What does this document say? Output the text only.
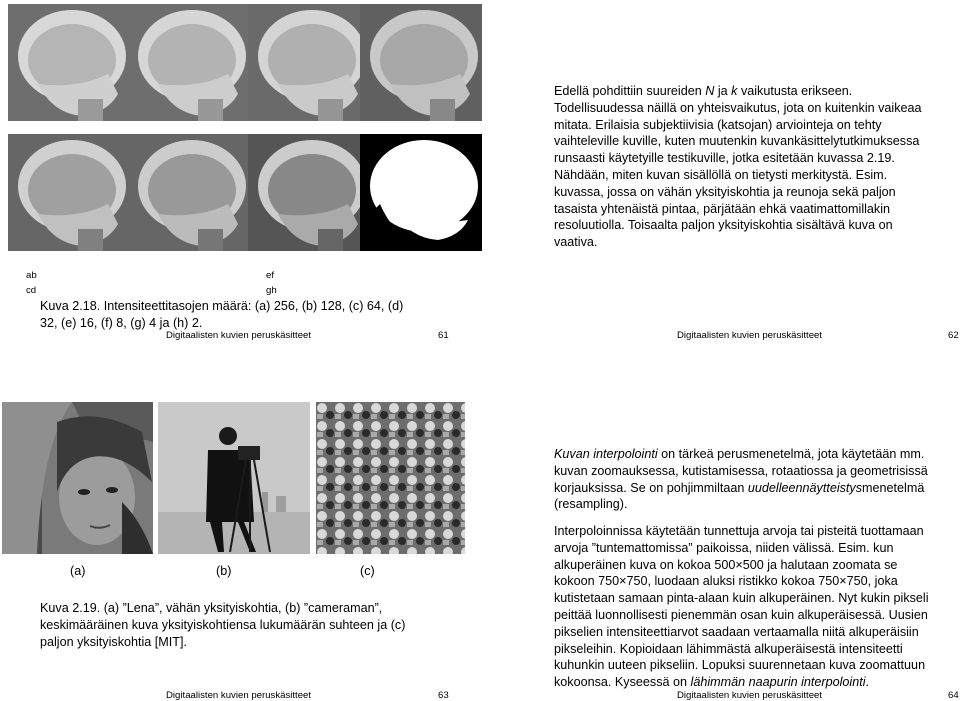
ab
cd
ef
gh
Kuva 2.18. Intensiteettitasojen määrä: (a) 256, (b) 128, (c) 64, (d)
32, (e) 16, (f) 8, (g) 4 ja (h) 2.
Digitaalisten kuvien peruskäsitteet	61
Edellä pohdittiin suureiden N ja k vaikutusta erikseen.
Todellisuudessa näillä on yhteisvaikutus, jota on kuitenkin vaikeaa
mitata. Erilaisia subjektiivisia (katsojan) arviointeja on tehty
vaihteleville kuville, kuten muutenkin kuvankäsittelytutkimuksessa
runsaasti käytetyille testikuville, jotka esitetään kuvassa 2.19.
Nähdään, miten kuvan sisällöllä on tietysti merkitystä. Esim.
kuvassa, jossa on vähän yksityiskohtia ja reunoja sekä paljon
tasaista yhtenäistä pintaa, pärjätään ehkä vaatimattomillakin
resoluutiolla. Toisaalta paljon yksityiskohtia sisältävä kuva on
vaativa.
Digitaalisten kuvien peruskäsitteet	62
(a)	(b)	(c)
Kuva 2.19. (a) ”Lena”, vähän yksityiskohtia, (b) ”cameraman”,
keskimääräinen kuva yksityiskohtiensa lukumäärän suhteen ja (c)
paljon yksityiskohtia [MIT].
Digitaalisten kuvien peruskäsitteet	63
Kuvan interpolointi on tärkeä perusmenetelmä, jota käytetään mm.
kuvan zoomauksessa, kutistamisessa, rotaatiossa ja geometrisissä
korjauksissa. Se on pohjimmiltaan uudelleennäytteistysmenetelmä
(resampling).
Interpoloinnissa käytetään tunnettuja arvoja tai pisteitä tuottamaan
arvoja ”tuntemattomissa” paikoissa, niiden välissä. Esim. kun
alkuperäinen kuva on kokoa 500×500 ja halutaan zoomata se
kokoon 750×750, luodaan aluksi ristikko kokoa 750×750, joka
kutistetaan samaan pinta-alaan kuin alkuperäinen. Nyt kukin pikseli
peittää luonnollisesti pienemmän osan kuin alkuperäisessä. Uusien
pikselien intensiteettiarvot saadaan vertaamalla niitä alkuperäisiin
pikseleihin. Kopioidaan lähimmästä alkuperäisestä intensiteetti
kuhunkin uuteen pikseliin. Lopuksi suurennetaan kuva zoomattuun
kokoonsa. Kyseessä on lähimmän naapurin interpolointi.
Digitaalisten kuvien peruskäsitteet	64
